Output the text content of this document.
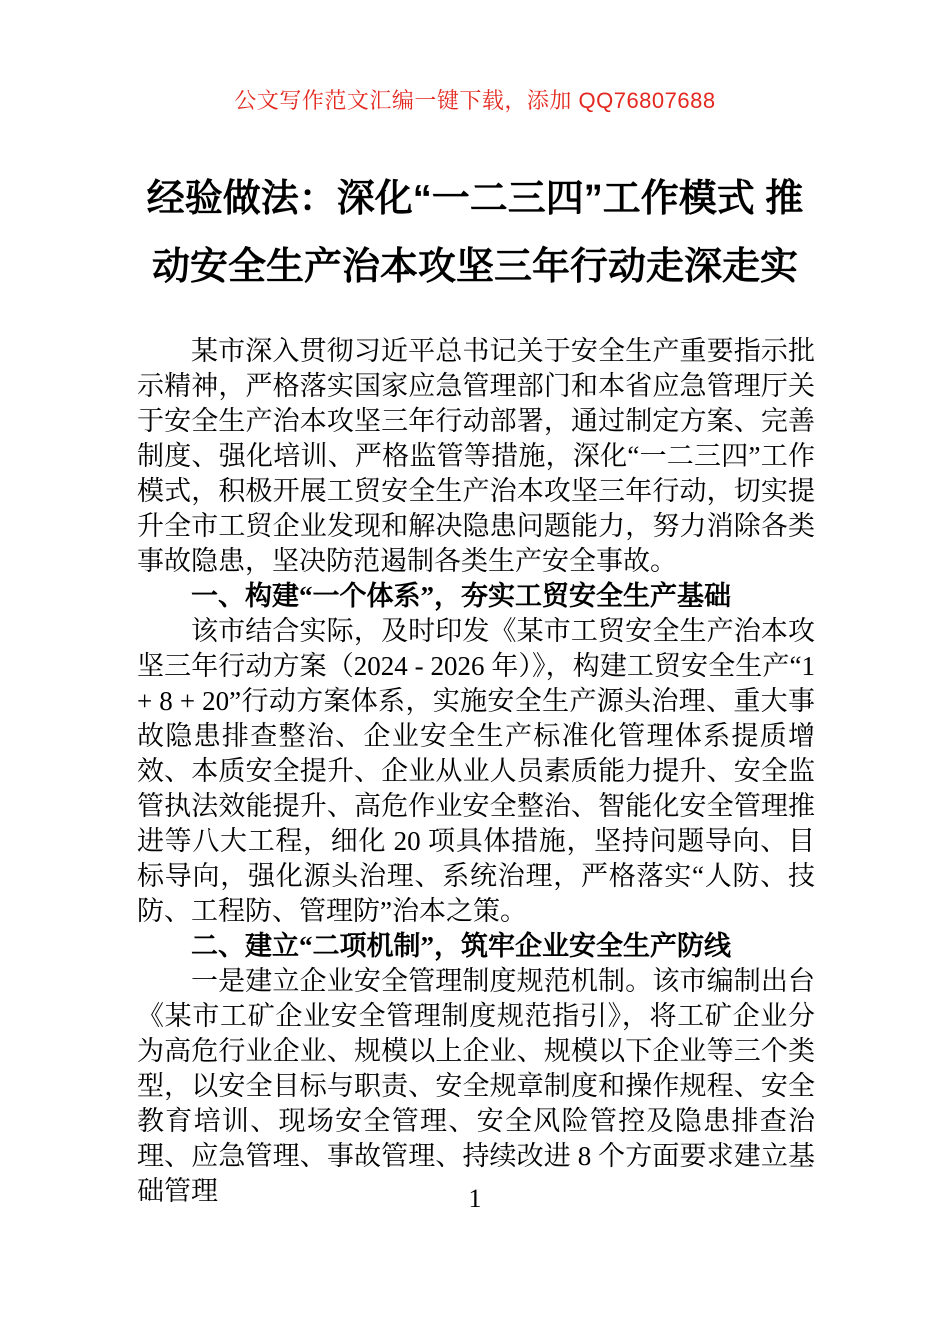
公文写作范文汇编一键下载，添加 QQ76807688
经验做法：深化“一二三四”工作模式 推
动安全生产治本攻坚三年行动走深走实

某市深入贯彻习近平总书记关于安全生产重要指示批示精神，严格落实国家应急管理部门和本省应急管理厅关于安全生产治本攻坚三年行动部署，通过制定方案、完善制度、强化培训、严格监管等措施，深化“一二三四”工作模式，积极开展工贸安全生产治本攻坚三年行动，切实提升全市工贸企业发现和解决隐患问题能力，努力消除各类事故隐患，坚决防范遏制各类生产安全事故。

一、构建“一个体系”，夯实工贸安全生产基础

该市结合实际，及时印发《某市工贸安全生产治本攻坚三年行动方案（2024 - 2026 年）》，构建工贸安全生产“1 + 8 + 20”行动方案体系，实施安全生产源头治理、重大事故隐患排查整治、企业安全生产标准化管理体系提质增效、本质安全提升、企业从业人员素质能力提升、安全监管执法效能提升、高危作业安全整治、智能化安全管理推进等八大工程，细化 20 项具体措施，坚持问题导向、目标导向，强化源头治理、系统治理，严格落实“人防、技防、工程防、管理防”治本之策。

二、建立“二项机制”，筑牢企业安全生产防线

一是建立企业安全管理制度规范机制。该市编制出台《某市工矿企业安全管理制度规范指引》，将工矿企业分为高危行业企业、规模以上企业、规模以下企业等三个类型，以安全目标与职责、安全规章制度和操作规程、安全教育培训、现场安全管理、安全风险管控及隐患排查治理、应急管理、事故管理、持续改进 8 个方面要求建立基础管理	1
